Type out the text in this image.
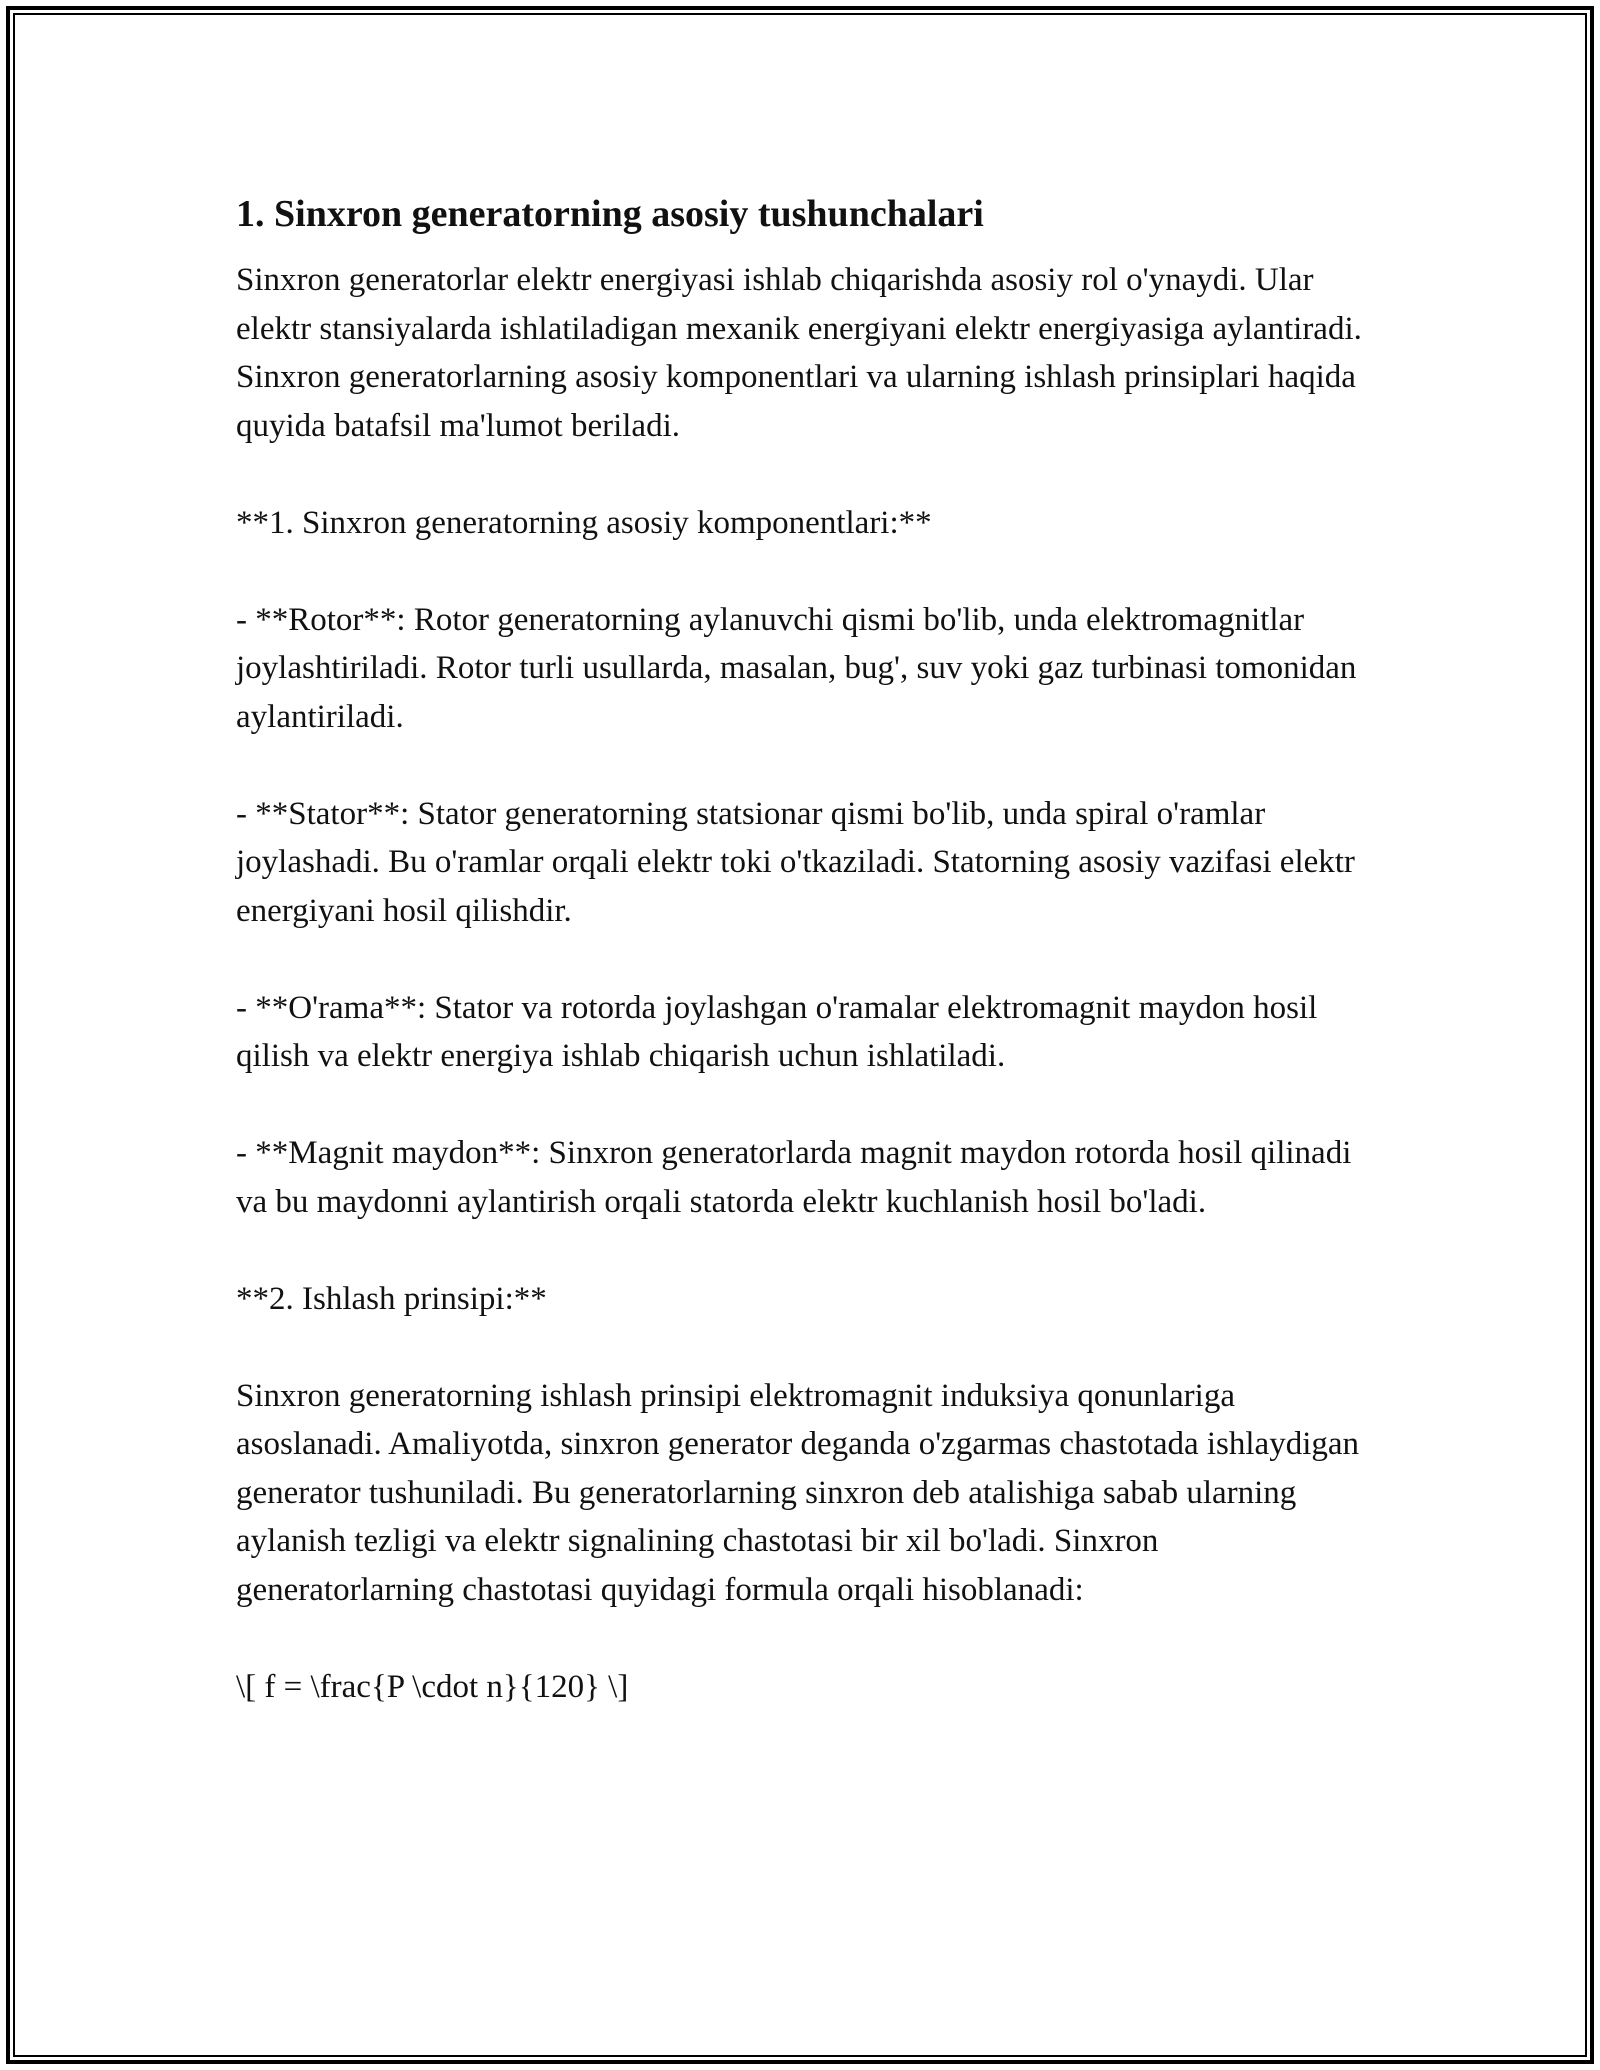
1. Sinxron generatorning asosiy tushunchalari

Sinxron generatorlar elektr energiyasi ishlab chiqarishda asosiy rol o'ynaydi. Ular elektr stansiyalarda ishlatiladigan mexanik energiyani elektr energiyasiga aylantiradi. Sinxron generatorlarning asosiy komponentlari va ularning ishlash prinsiplari haqida quyida batafsil ma'lumot beriladi.

**1. Sinxron generatorning asosiy komponentlari:**

- **Rotor**: Rotor generatorning aylanuvchi qismi bo'lib, unda elektromagnitlar joylashtiriladi. Rotor turli usullarda, masalan, bug', suv yoki gaz turbinasi tomonidan aylantiriladi.

- **Stator**: Stator generatorning statsionar qismi bo'lib, unda spiral o'ramlar joylashadi. Bu o'ramlar orqali elektr toki o'tkaziladi. Statorning asosiy vazifasi elektr energiyani hosil qilishdir.

- **O'rama**: Stator va rotorda joylashgan o'ramalar elektromagnit maydon hosil qilish va elektr energiya ishlab chiqarish uchun ishlatiladi.

- **Magnit maydon**: Sinxron generatorlarda magnit maydon rotorda hosil qilinadi va bu maydonni aylantirish orqali statorda elektr kuchlanish hosil bo'ladi.

**2. Ishlash prinsipi:**

Sinxron generatorning ishlash prinsipi elektromagnit induksiya qonunlariga asoslanadi. Amaliyotda, sinxron generator deganda o'zgarmas chastotada ishlaydigan generator tushuniladi. Bu generatorlarning sinxron deb atalishiga sabab ularning aylanish tezligi va elektr signalining chastotasi bir xil bo'ladi. Sinxron generatorlarning chastotasi quyidagi formula orqali hisoblanadi:

\[ f = \frac{P \cdot n}{120} \]
